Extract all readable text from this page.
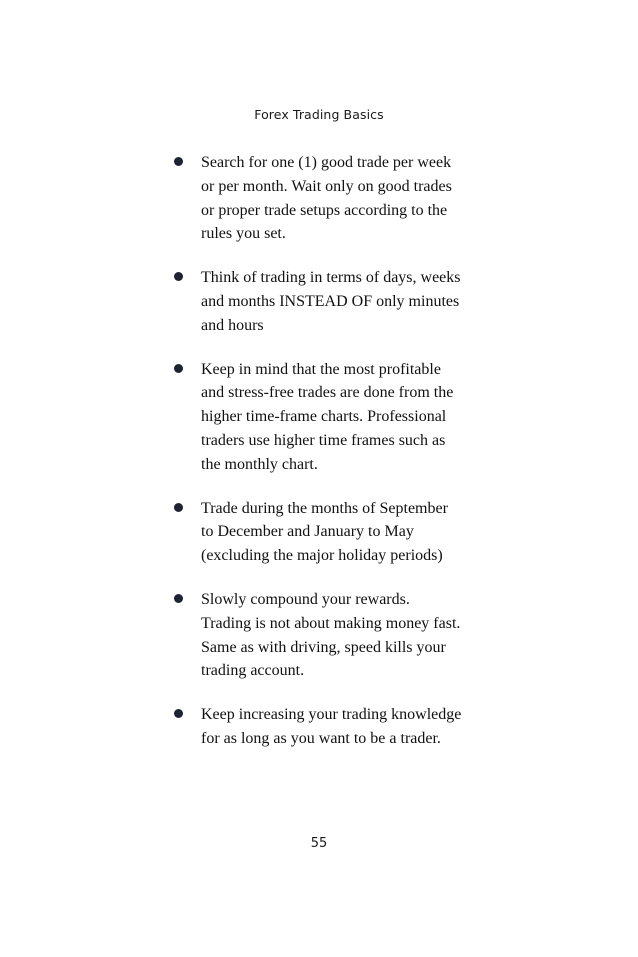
Forex Trading Basics
Search for one (1) good trade per week
or per month. Wait only on good trades
or proper trade setups according to the
rules you set.
Think of trading in terms of days, weeks
and months INSTEAD OF only minutes
and hours
Keep in mind that the most profitable
and stress-free trades are done from the
higher time-frame charts. Professional
traders use higher time frames such as
the monthly chart.
Trade during the months of September
to December and January to May
(excluding the major holiday periods)
Slowly compound your rewards.
Trading is not about making money fast.
Same as with driving, speed kills your
trading account.
Keep increasing your trading knowledge
for as long as you want to be a trader.
55
